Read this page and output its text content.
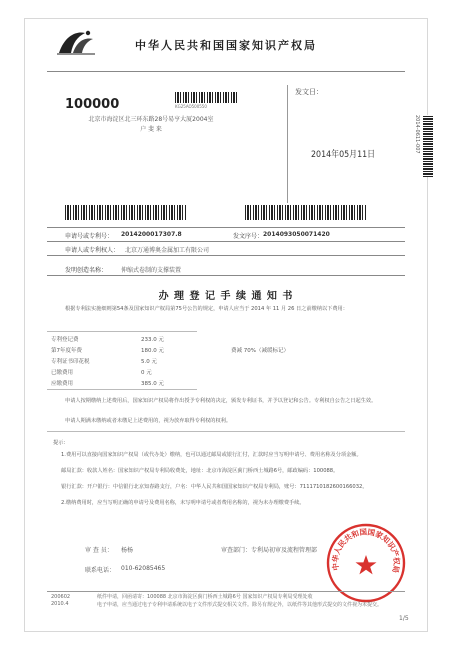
中华人民共和国国家知识产权局
KG25AO500550
100000
北京市海淀区北三环东路28号易亨大厦2004室
户 斐 来
发文日：
2014年05月11日
2014-0611-007
申请号或专利号： 2014200017307.8	发文序号： 2014093050071420
申请人或专利权人： 北京万通博奥金属加工有限公司
发明创造名称： 伸缩式卷制的支撑装置
办 理 登 记 手 续 通 知 书
根据专利法实施细则第54条及国家知识产权局第75号公告的规定，申请人应当于 2014 年 11 月 26 日之前缴纳以下费用：
专利登记费	233.0 元
第7年度年费	180.0 元	费减 70%（减缓标记）
专利证书印花税	5.0 元
已缴费用	0 元
应缴费用	385.0 元
申请人按期缴纳上述费用后，国家知识产权局将作出授予专利权的决定，颁发专利证书，并予以登记和公告。专利权自公告之日起生效。
申请人期满未缴纳或者未缴足上述费用的，视为放弃取得专利权的权利。
提示：
1.费用可以直接向国家知识产权局（或代办处）缴纳，也可以通过邮局或银行汇付，汇款时应当写明申请号、费用名称及分项金额。
邮局汇款：收款人姓名：国家知识产权局专利局收费处，地址：北京市海淀区蓟门桥西土城路6号，邮政编码：100088。
银行汇款：开户银行：中信银行北京知春路支行，户名：中华人民共和国国家知识产权局专利局，账号：7111710182600166032。
2.缴纳费用时，应当写明正确的申请号及费用名称，未写明申请号或者费用名称的，视为未办理缴费手续。
审 查 员： 杨杨
联系电话： 010-62085465
审查部门： 专利局初审及流程管理部
中华人民共和国国家知识产权局
200602
2010.4
纸件申请，回函请寄：100088 北京市海淀区蓟门桥西土城路6号 国家知识产权局专利局受理处收
电子申请，应当通过电子专利申请系统以电子文件形式提交相关文件。除另有规定外，以纸件等其他形式提交的文件视为未提交。
1/5
